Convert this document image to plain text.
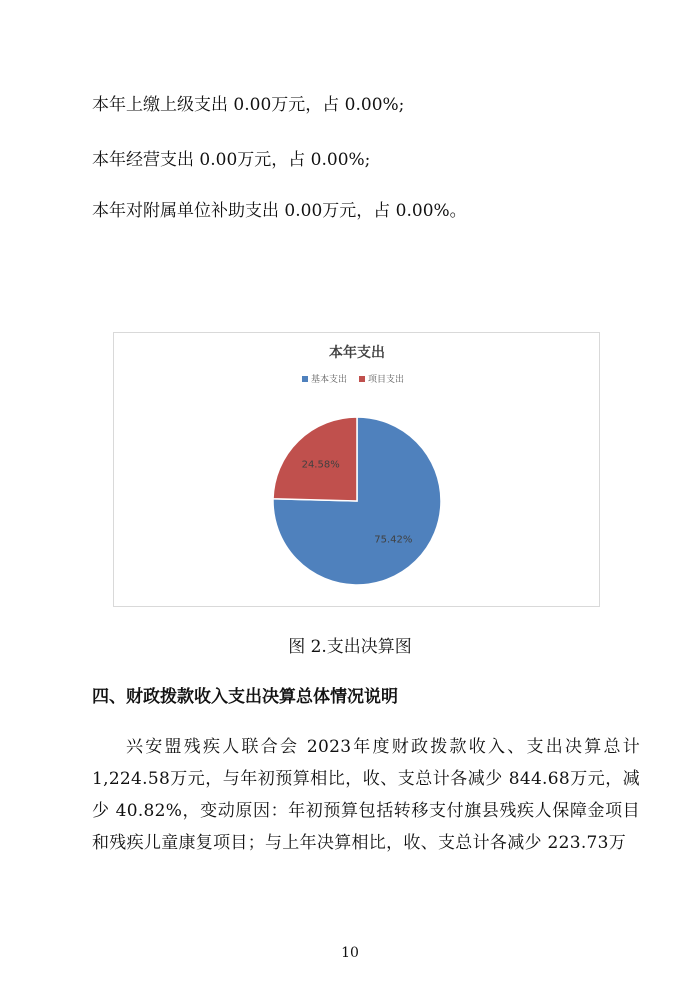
本年上缴上级支出 0.00万元，占 0.00%;
本年经营支出 0.00万元，占 0.00%;
本年对附属单位补助支出 0.00万元，占 0.00%。
本年支出
基本支出 项目支出
75.42%
24.58%
图 2.支出决算图
四、财政拨款收入支出决算总体情况说明
兴安盟残疾人联合会 2023年度财政拨款收入、支出决算总计 1,224.58万元，与年初预算相比，收、支总计各减少 844.68万元，减少 40.82%，变动原因：年初预算包括转移支付旗县残疾人保障金项目和残疾儿童康复项目；与上年决算相比，收、支总计各减少 223.73万
10
